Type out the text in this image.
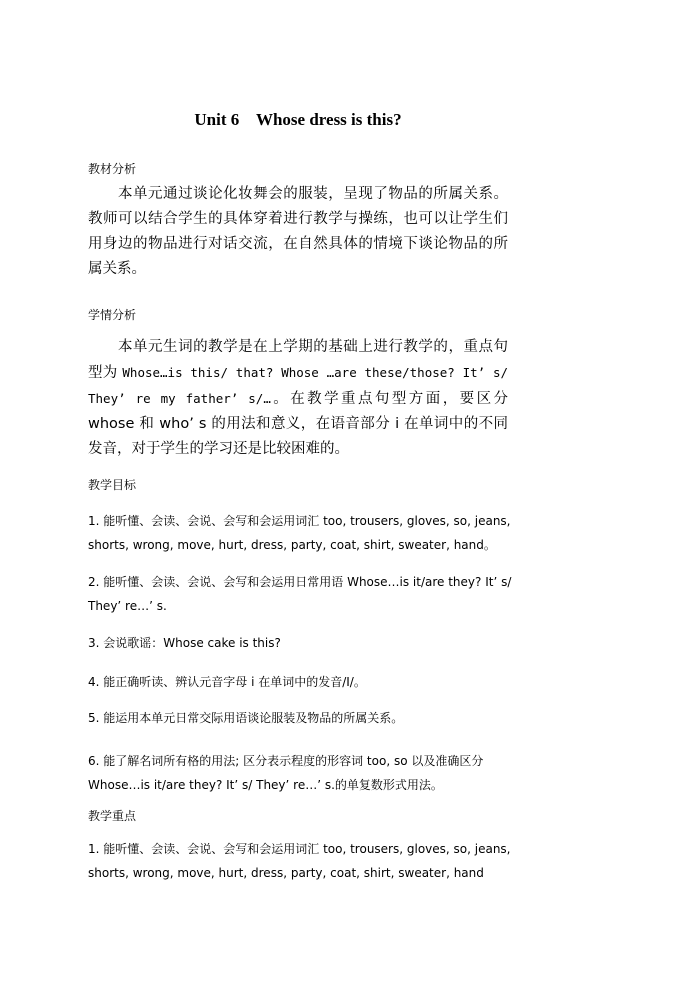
Unit 6    Whose dress is this?
教材分析

本单元通过谈论化妆舞会的服装，呈现了物品的所属关系。教师可以结合学生的具体穿着进行教学与操练，也可以让学生们用身边的物品进行对话交流，在自然具体的情境下谈论物品的所属关系。

学情分析

本单元生词的教学是在上学期的基础上进行教学的，重点句型为 Whose…is this/ that? Whose …are these/those? It’ s/ They’ re my father’ s/…。在教学重点句型方面，要区分 whose 和 who’ s 的用法和意义，在语音部分 i 在单词中的不同发音，对于学生的学习还是比较困难的。

教学目标

1. 能听懂、会读、会说、会写和会运用词汇 too, trousers, gloves, so, jeans, shorts, wrong, move, hurt, dress, party, coat, shirt, sweater, hand。

2. 能听懂、会读、会说、会写和会运用日常用语 Whose…is it/are they? It’ s/ They’ re…’ s.

3. 会说歌谣：Whose cake is this?

4. 能正确听读、辨认元音字母 i 在单词中的发音/I/。

5. 能运用本单元日常交际用语谈论服装及物品的所属关系。

6. 能了解名词所有格的用法; 区分表示程度的形容词 too, so 以及准确区分 Whose…is it/are they? It’ s/ They’ re…’ s.的单复数形式用法。

教学重点

1. 能听懂、会读、会说、会写和会运用词汇 too, trousers, gloves, so, jeans, shorts, wrong, move, hurt, dress, party, coat, shirt, sweater, hand
